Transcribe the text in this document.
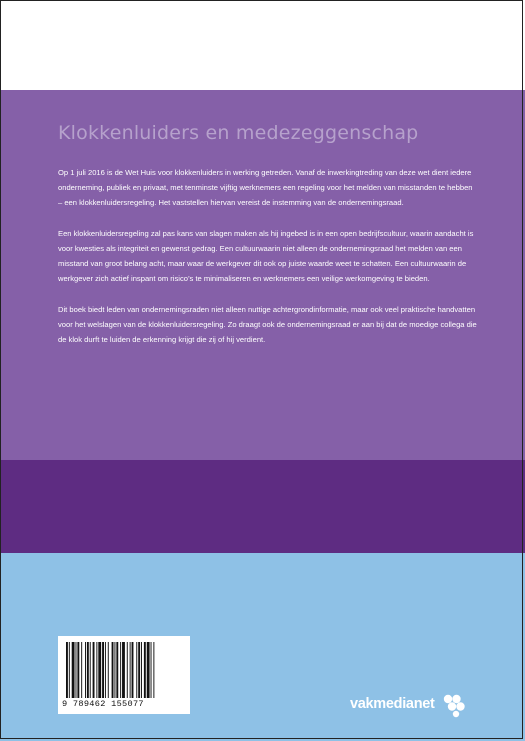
Klokkenluiders en medezeggenschap

Op 1 juli 2016 is de Wet Huis voor klokkenluiders in werking getreden. Vanaf de inwerkingtreding van deze wet dient iedere onderneming, publiek en privaat, met tenminste vijftig werknemers een regeling voor het melden van misstanden te hebben – een klokkenluidersregeling. Het vaststellen hiervan vereist de instemming van de ondernemingsraad.

Een klokkenluidersregeling zal pas kans van slagen maken als hij ingebed is in een open bedrijfscultuur, waarin aandacht is voor kwesties als integriteit en gewenst gedrag. Een cultuurwaarin niet alleen de ondernemingsraad het melden van een misstand van groot belang acht, maar waar de werkgever dit ook op juiste waarde weet te schatten. Een cultuurwaarin de werkgever zich actief inspant om risico’s te minimaliseren en werknemers een veilige werkomgeving te bieden.

Dit boek biedt leden van ondernemingsraden niet alleen nuttige achtergrondinformatie, maar ook veel praktische handvatten voor het welslagen van de klokkenluidersregeling. Zo draagt ook de ondernemingsraad er aan bij dat de moedige collega die de klok durft te luiden de erkenning krijgt die zij of hij verdient.

9 789462 155077	vakmedianet
